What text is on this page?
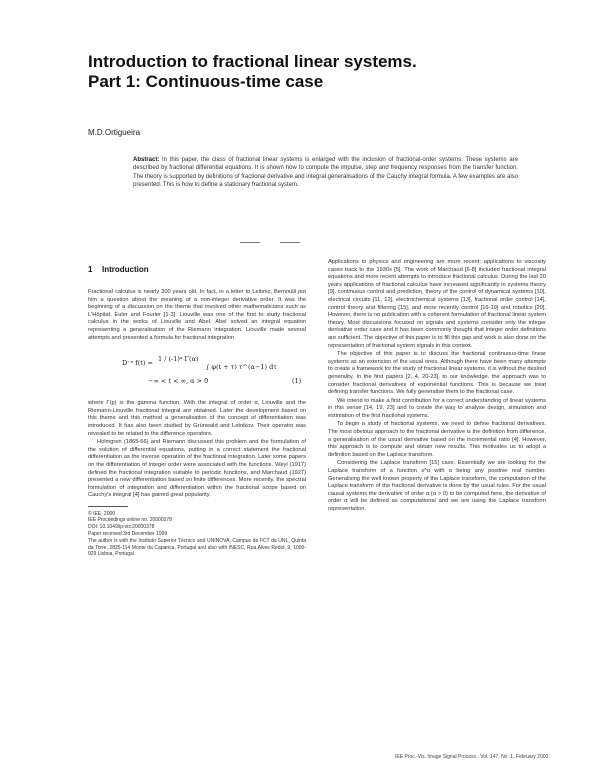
Introduction to fractional linear systems.
Part 1: Continuous-time case
M.D.Ortigueira

Abstract: In this paper, the class of fractional linear systems is enlarged with the inclusion of fractional-order systems. These systems are described by fractional differential equations. It is shown how to compute the impulse, step and frequency responses from the transfer function. The theory is supported by definitions of fractional derivative and integral generalisations of the Cauchy integral formula. A few examples are also presented. This is how to define a stationary fractional system.

1 Introduction

Fractional calculus is nearly 300 years old. In fact, in a letter to Leibniz, Bernoulli put him a question about the meaning of a non-integer derivative order. It was the beginning of a discussion on the theme that involved other mathematicians such as L'Hôpital, Euler and Fourier [1-3]. Liouville was one of the first to study fractional calculus in the works of Liouville and Abel. Abel solved an integral equation representing a generalisation of the Riemann integration. Liouville made several attempts and presented a formula for fractional integration

D⁻ᵅ f(t) = 1 / (-1)ᵅ Γ(α)
∫ φ(t + τ) τ^(α−1) dτ
−∞ < t < ∞, α > 0	(1)

where Γ(p) is the gamma function. With the integral of order α, Liouville and the Riemann-Liouville fractional integral are obtained. Later the development based on this theme and this method a generalisation of the concept of differentiation was introduced. It has also been studied by Grünwald and Letnikov. Their operator was revealed to be related to the difference operators.

Holmgren (1865-66) and Riemann discussed this problem and the formulation of the solution of differential equations, putting in a correct statement the fractional differentiation as the inverse operation of the fractional integration. Later some papers on the differentiation of integer order were associated with the functions. Weyl (1917) defined the fractional integration suitable to periodic functions, and Marchaud (1927) presented a new differentiation based on finite differences. More recently, the spectral formulation of integration and differentiation within the fractional scope based on Cauchy's integral [4] has gained great popularity.

© IEE, 2000

IEE Proceedings online no. 20000378

DOI: 10.1049/ip-vis:20000378

Paper received 3rd December 1999

The author is with the Instituto Superior Técnico and UNINOVA, Campus da FCT da UNL, Quinta da Torre, 2825-114 Monte da Caparica, Portugal and also with INESC, Rua Alves Redol, 9, 1000-029 Lisboa, Portugal

Applications to physics and engineering are more recent; applications to viscosity cases back to the 1930s [5]. The work of Marchaud [6-8] included fractional integral equations and more recent attempts to introduce fractional calculus. During the last 20 years applications of fractional calculus have increased significantly in systems theory [9], continuous control and prediction, theory of the control of dynamical systems [10], electrical circuits [11, 12], electrochemical systems [13], fractional order control [14], control theory and filtering [15], and more recently control [16-19] and robotics [20]. However, there is no publication with a coherent formulation of fractional linear system theory. Most discussions focused on signals and systems consider only the integer derivative order case and it has been commonly thought that integer order definitions are sufficient. The objective of this paper is to fill this gap and work is also done on the representation of fractional system signals in this context.

The objective of this paper is to discuss the fractional continuous-time linear systems as an extension of the usual ones. Although there have been many attempts to create a framework for the study of fractional linear systems, it is without the desired generality. In the first papers [2, 4, 20-23], to our knowledge, the approach was to consider fractional derivatives of exponential functions. This is because we treat defining transfer functions. We fully generalise them to the fractional case.

We intend to make a first contribution for a correct understanding of linear systems in this sense [14, 19, 23] and to create the way to analyse design, simulation and estimation of the first fractional systems.

To begin a study of fractional systems, we need to define fractional derivatives. The most obvious approach to the fractional derivative is the definition from difference, a generalisation of the usual derivative based on the incremental ratio [4]. However, this approach is to compute and obtain new results. This motivates us to adopt a definition based on the Laplace transform.

Considering the Laplace transform [15] case. Essentially we are looking for the Laplace transform of a function s^α with α being any positive real number. Generalising the well known property of the Laplace transform, the computation of the Laplace transform of the fractional derivative is done by the usual rules. For the usual causal systems the derivative of order α (α > 0) to be computed here, the derivative of order α will be defined as computational and we are using the Laplace transform representation.

IEE Proc.-Vis. Image Signal Process., Vol. 147, No. 1, February 2000
